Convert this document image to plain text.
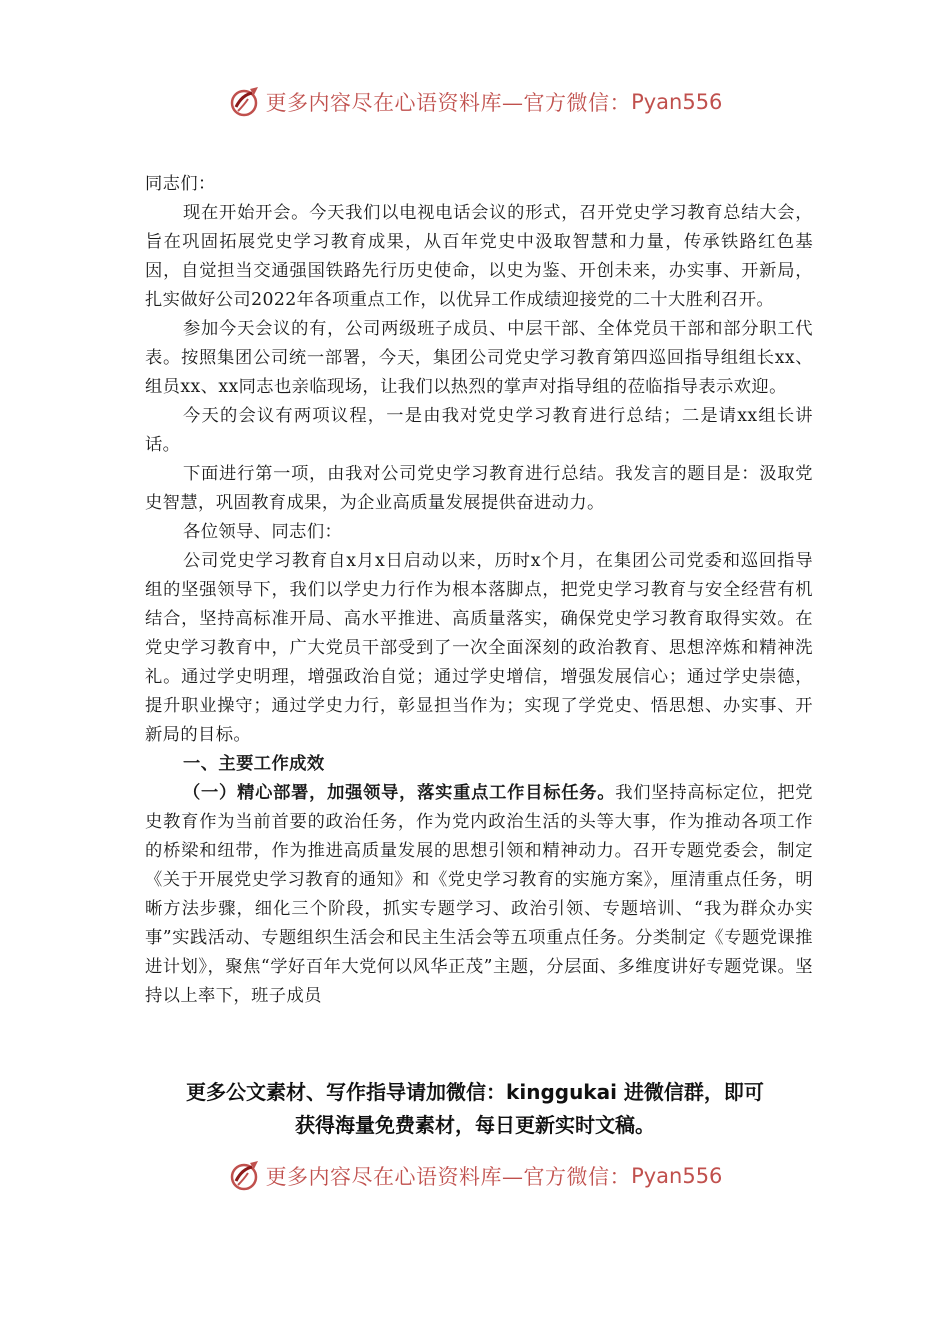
更多内容尽在心语资料库—官方微信： Pyan556

同志们：

现在开始开会。今天我们以电视电话会议的形式，召开党史学习教育总结大会，旨在巩固拓展党史学习教育成果，从百年党史中汲取智慧和力量，传承铁路红色基因，自觉担当交通强国铁路先行历史使命，以史为鉴、开创未来，办实事、开新局，扎实做好公司2022年各项重点工作，以优异工作成绩迎接党的二十大胜利召开。

参加今天会议的有，公司两级班子成员、中层干部、全体党员干部和部分职工代表。按照集团公司统一部署，今天，集团公司党史学习教育第四巡回指导组组长xx、组员xx、xx同志也亲临现场，让我们以热烈的掌声对指导组的莅临指导表示欢迎。

今天的会议有两项议程，一是由我对党史学习教育进行总结；二是请xx组长讲话。

下面进行第一项，由我对公司党史学习教育进行总结。我发言的题目是：汲取党史智慧，巩固教育成果，为企业高质量发展提供奋进动力。

各位领导、同志们：

公司党史学习教育自x月x日启动以来，历时x个月，在集团公司党委和巡回指导组的坚强领导下，我们以学史力行作为根本落脚点，把党史学习教育与安全经营有机结合，坚持高标准开局、高水平推进、高质量落实，确保党史学习教育取得实效。在党史学习教育中，广大党员干部受到了一次全面深刻的政治教育、思想淬炼和精神洗礼。通过学史明理，增强政治自觉；通过学史增信，增强发展信心；通过学史崇德，提升职业操守；通过学史力行，彰显担当作为；实现了学党史、悟思想、办实事、开新局的目标。

一、主要工作成效

（一）精心部署，加强领导，落实重点工作目标任务。我们坚持高标定位，把党史教育作为当前首要的政治任务，作为党内政治生活的头等大事，作为推动各项工作的桥梁和纽带，作为推进高质量发展的思想引领和精神动力。召开专题党委会，制定《关于开展党史学习教育的通知》和《党史学习教育的实施方案》，厘清重点任务，明晰方法步骤，细化三个阶段，抓实专题学习、政治引领、专题培训、“我为群众办实事”实践活动、专题组织生活会和民主生活会等五项重点任务。分类制定《专题党课推进计划》，聚焦“学好百年大党何以风华正茂”主题，分层面、多维度讲好专题党课。坚持以上率下，班子成员

更多公文素材、写作指导请加微信：kinggukai 进微信群，即可
获得海量免费素材，每日更新实时文稿。
更多内容尽在心语资料库—官方微信： Pyan556
